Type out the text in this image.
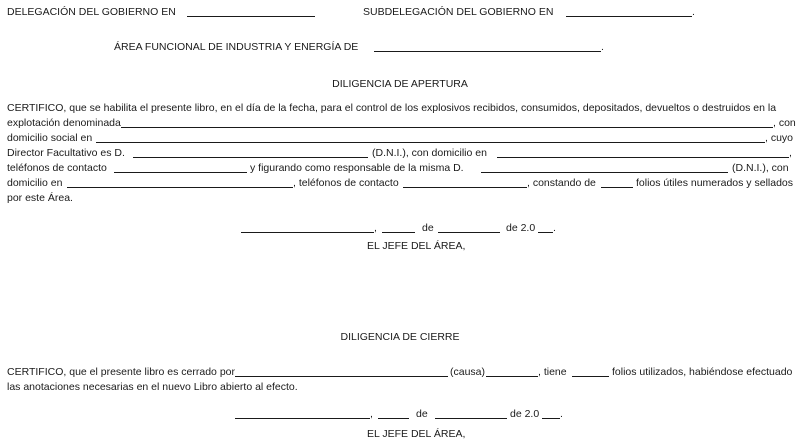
DELEGACIÓN DEL GOBIERNO EN	SUBDELEGACIÓN DEL GOBIERNO EN	.
ÁREA FUNCIONAL DE INDUSTRIA Y ENERGÍA DE	.
DILIGENCIA DE APERTURA
CERTIFICO, que se habilita el presente libro, en el día de la fecha, para el control de los explosivos recibidos, consumidos, depositados, devueltos o destruidos en la
explotación denominada	, con
domicilio social en	, cuyo
Director Facultativo es D.	(D.N.I.), con domicilio en	,
teléfonos de contacto	y figurando como responsable de la misma D.	(D.N.I.), con
domicilio en	, teléfonos de contacto	, constando de	folios útiles numerados y sellados
por este Área.
,	de	de 2.0 .
EL JEFE DEL ÁREA,
DILIGENCIA DE CIERRE
CERTIFICO, que el presente libro es cerrado por	(causa)	, tiene	folios utilizados, habiéndose efectuado
las anotaciones necesarias en el nuevo Libro abierto al efecto.
,	de	de 2.0 .
EL JEFE DEL ÁREA,
